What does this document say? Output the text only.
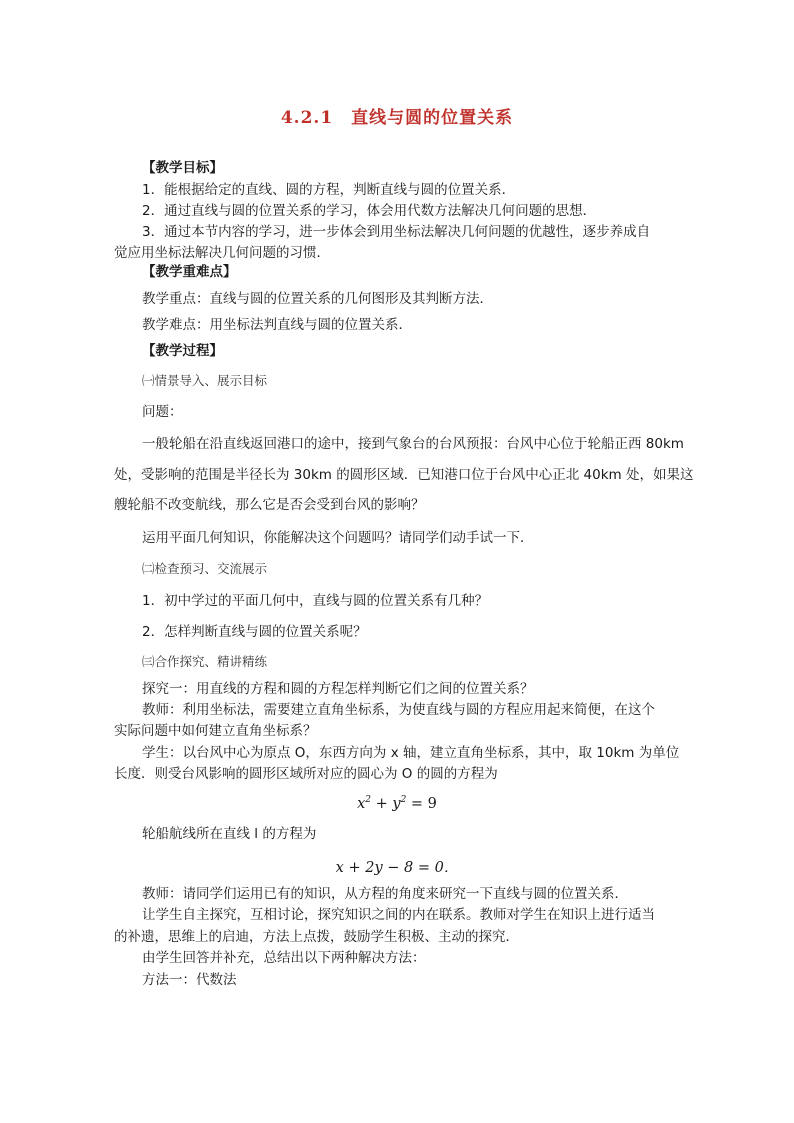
4.2.1　直线与圆的位置关系
【教学目标】
1．能根据给定的直线、圆的方程，判断直线与圆的位置关系．
2．通过直线与圆的位置关系的学习，体会用代数方法解决几何问题的思想．
3．通过本节内容的学习，进一步体会到用坐标法解决几何问题的优越性，逐步养成自
觉应用坐标法解决几何问题的习惯．
【教学重难点】
教学重点：直线与圆的位置关系的几何图形及其判断方法．
教学难点：用坐标法判直线与圆的位置关系．
【教学过程】
㈠情景导入、展示目标
问题：
一般轮船在沿直线返回港口的途中，接到气象台的台风预报：台风中心位于轮船正西 80km
处，受影响的范围是半径长为 30km 的圆形区域．已知港口位于台风中心正北 40km 处，如果这
艘轮船不改变航线，那么它是否会受到台风的影响？
运用平面几何知识，你能解决这个问题吗？请同学们动手试一下．
㈡检查预习、交流展示
1．初中学过的平面几何中，直线与圆的位置关系有几种？
2．怎样判断直线与圆的位置关系呢？
㈢合作探究、精讲精练
探究一：用直线的方程和圆的方程怎样判断它们之间的位置关系？
教师：利用坐标法，需要建立直角坐标系，为使直线与圆的方程应用起来简便，在这个
实际问题中如何建立直角坐标系？
学生：以台风中心为原点 O，东西方向为 x 轴，建立直角坐标系，其中，取 10km 为单位
长度．则受台风影响的圆形区域所对应的圆心为 O 的圆的方程为
$x^2 + y^2 = 9$
轮船航线所在直线 l 的方程为
x + 2y − 8 = 0．
教师：请同学们运用已有的知识，从方程的角度来研究一下直线与圆的位置关系．
让学生自主探究，互相讨论，探究知识之间的内在联系。教师对学生在知识上进行适当
的补遗，思维上的启迪，方法上点拨，鼓励学生积极、主动的探究．
由学生回答并补充，总结出以下两种解决方法：
方法一：代数法
